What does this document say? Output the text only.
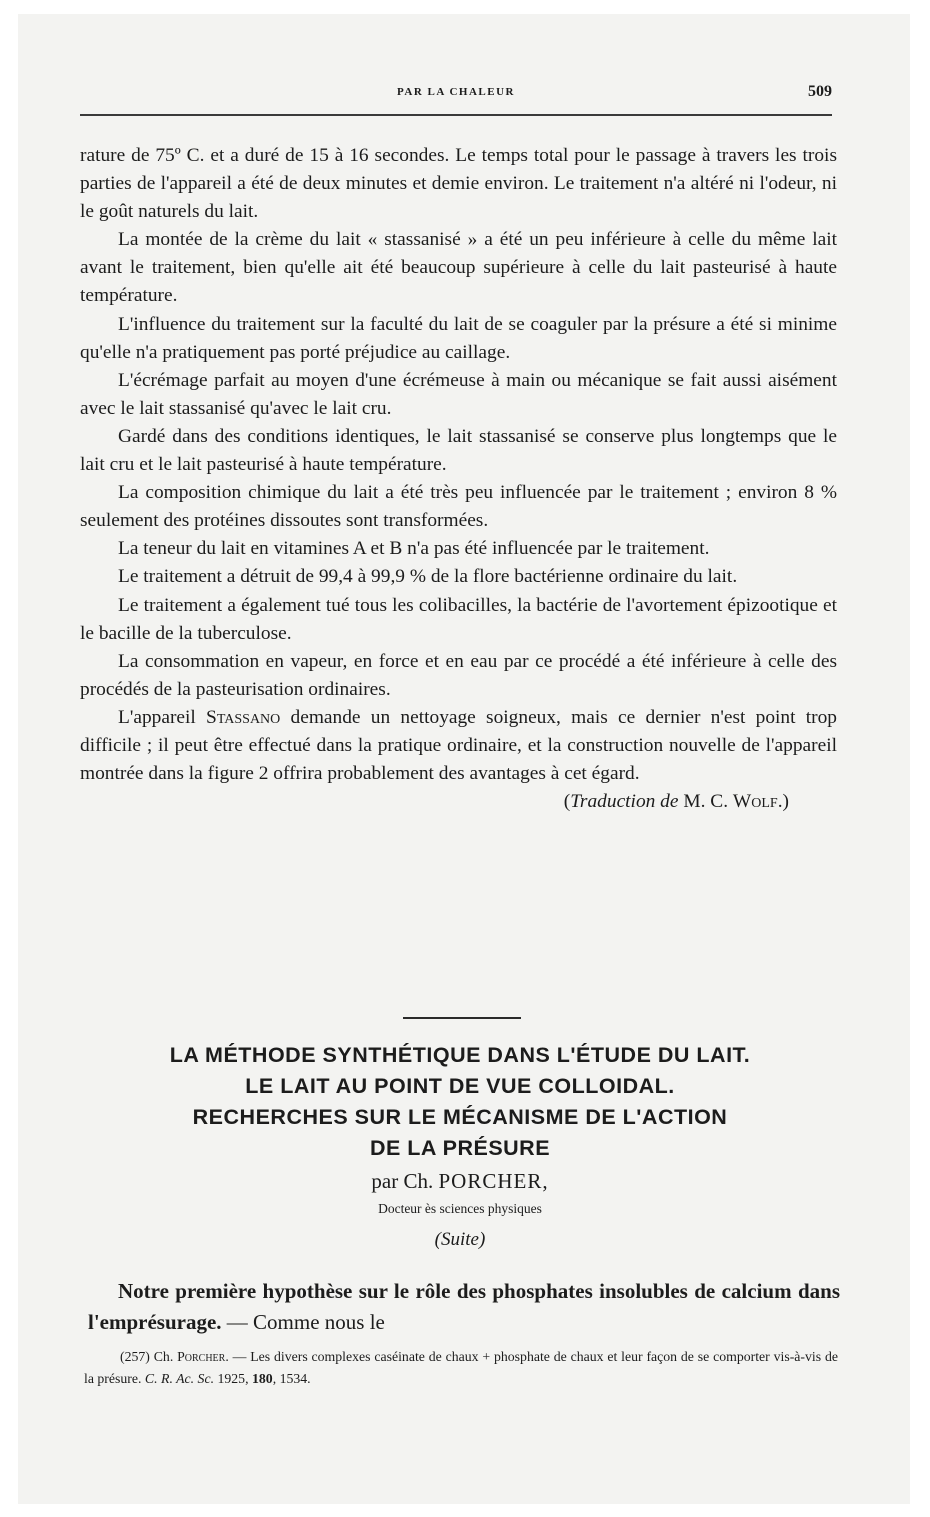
PAR LA CHALEUR	509

rature de 75º C. et a duré de 15 à 16 secondes. Le temps total pour le passage à travers les trois parties de l'appareil a été de deux minutes et demie environ. Le traitement n'a altéré ni l'odeur, ni le goût naturels du lait.

La montée de la crème du lait « stassanisé » a été un peu inférieure à celle du même lait avant le traitement, bien qu'elle ait été beaucoup supérieure à celle du lait pasteurisé à haute température.

L'influence du traitement sur la faculté du lait de se coaguler par la présure a été si minime qu'elle n'a pratiquement pas porté préjudice au caillage.

L'écrémage parfait au moyen d'une écrémeuse à main ou mécanique se fait aussi aisément avec le lait stassanisé qu'avec le lait cru.

Gardé dans des conditions identiques, le lait stassanisé se conserve plus longtemps que le lait cru et le lait pasteurisé à haute température.

La composition chimique du lait a été très peu influencée par le traitement ; environ 8 % seulement des protéines dissoutes sont transformées.

La teneur du lait en vitamines A et B n'a pas été influencée par le traitement.

Le traitement a détruit de 99,4 à 99,9 % de la flore bactérienne ordinaire du lait.

Le traitement a également tué tous les colibacilles, la bactérie de l'avortement épizootique et le bacille de la tuberculose.

La consommation en vapeur, en force et en eau par ce procédé a été inférieure à celle des procédés de la pasteurisation ordinaires.

L'appareil Stassano demande un nettoyage soigneux, mais ce dernier n'est point trop difficile ; il peut être effectué dans la pratique ordinaire, et la construction nouvelle de l'appareil montrée dans la figure 2 offrira probablement des avantages à cet égard.

(Traduction de M. C. Wolf.)

LA MÉTHODE SYNTHÉTIQUE DANS L'ÉTUDE DU LAIT.
LE LAIT AU POINT DE VUE COLLOIDAL.
RECHERCHES SUR LE MÉCANISME DE L'ACTION
DE LA PRÉSURE
par Ch. PORCHER,
Docteur ès sciences physiques
(Suite)

Notre première hypothèse sur le rôle des phosphates insolubles de calcium dans l'emprésurage. — Comme nous le

(257) Ch. Porcher. — Les divers complexes caséinate de chaux + phosphate de chaux et leur façon de se comporter vis-à-vis de la présure. C. R. Ac. Sc. 1925, 180, 1534.
